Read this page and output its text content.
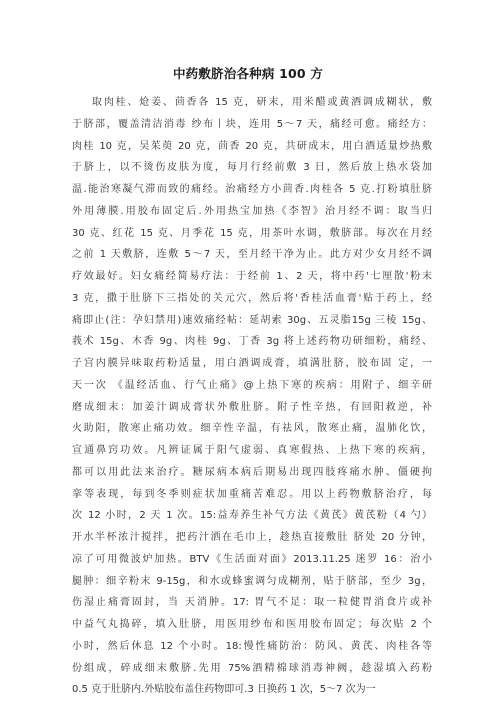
中药敷脐治各种病 100 方
取肉桂、炝姜、茴香各 15 克，研末，用米醋或黄酒调成糊状，敷
于脐部，覆盖清洁消毒 纱布丨块，连用 5～7 天，痛经可愈。痛经方：
肉桂 10 克，吴茱萸 20 克，茴香 20 克，共研成末，用白酒适量炒热敷
于脐上，以不烫伤皮肤为度，每月行经前敷 3 日，然后放上热水袋加
温.能治寒凝气滞而致的痛经。治痛经方小茴香.肉桂各 5 克.打粉填肚脐
外用薄膜.用胶布固定后.外用热宝加热《李智》治月经不调：取当归
30 克、红花 15 克、月季花 15 克，用茶叶水调，敷脐部。每次在月经
之前 1 天敷脐，连敷 5～7 天，至月经干净为止。此方对少女月经不调
疗效最好。妇女痛经简易疗法：于经前 1、2 天，将中药'七厘散'粉末
3 克，撒于肚脐下三指处的关元穴，然后将'香桂活血膏'贴于药上，经
痛即止(注：孕妇禁用)速效痛经帖：延胡索 30g、五灵脂15g 三棱 15g、
莪术 15g、木香 9g、肉桂 9g、丁香 3g 将上述药物功研细粉，痛经、
子宫内膜异味取药粉适量，用白酒调成膏，填满肚脐，胶布固 定，一
天一次 《温经活血、行气止痛》@上热下寒的疾病：用附子、细辛研
磨成细末：加姜汁调成膏状外敷肚脐。附子性辛热，有回阳救逆，补
火助阳，散寒止痛功效。细辛性辛温，有祛风，散寒止痛，温肺化饮，
宣通鼻窍功效。凡辨证属于阳气虚弱、真寒假热、上热下寒的疾病，
都可以用此法来治疗。糖尿病本病后期易出现四肢疼痛水肿、僵硬拘
挛等表现，每到冬季则症状加重痛苦难忍。用以上药物敷脐治疗，每
次 12 小时，2 天 1 次。15:益寿养生补气方法《黄芪》黄芪粉（4 勺）
开水半杯浓汁搅拌，把药汁洒在毛巾上，趁热直接敷肚 脐处 20 分钟，
凉了可用微波炉加热。BTV《生活面对面》2013.11.25 迷罗 16：治小
腿肿：细辛粉末 9-15g，和水或蜂蜜调匀成糊剂，贴于脐部，至少 3g，
伤湿止痛膏固封，当 天消肿。17: 胃气不足：取一粒健胃消食片或补
中益气丸捣碎，填入肚脐，用医用纱布和医用胶布固定；每次贴 2 个
小时，然后休息 12 个小时。18:慢性痛防治：防风、黄芪、肉桂各等
份组成，碎成细末敷脐.先用 75%酒精棉球消毒神阙，趁湿填入药粉
0.5 克于肚脐内.外贴胶布盖住药物即可.3 日换药 1 次，5～7 次为一
